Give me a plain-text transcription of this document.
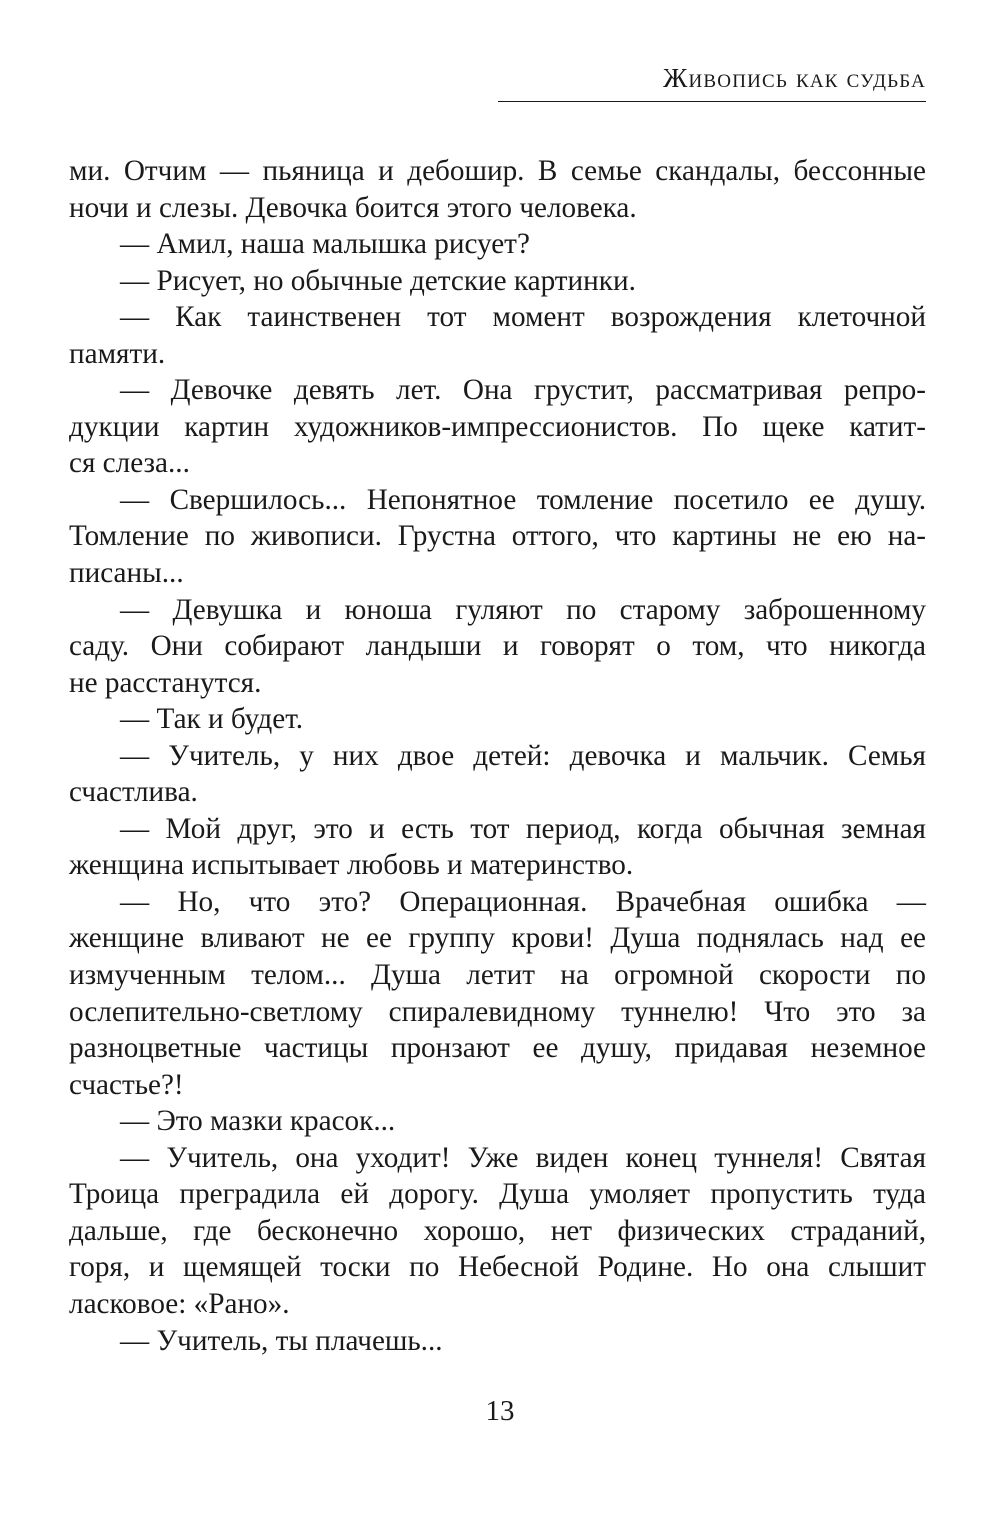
Живопись как судьба
ми. Отчим — пьяница и дебошир. В семье скандалы, бессонные
ночи и слезы. Девочка боится этого человека.
— Амил, наша малышка рисует?
— Рисует, но обычные детские картинки.
— Как таинственен тот момент возрождения клеточной
памяти.
— Девочке девять лет. Она грустит, рассматривая репро-
дукции картин художников-импрессионистов. По щеке катит-
ся слеза...
— Свершилось... Непонятное томление посетило ее душу.
Томление по живописи. Грустна оттого, что картины не ею на-
писаны...
— Девушка и юноша гуляют по старому заброшенному
саду. Они собирают ландыши и говорят о том, что никогда
не расстанутся.
— Так и будет.
— Учитель, у них двое детей: девочка и мальчик. Семья
счастлива.
— Мой друг, это и есть тот период, когда обычная земная
женщина испытывает любовь и материнство.
— Но, что это? Операционная. Врачебная ошибка —
женщине вливают не ее группу крови! Душа поднялась над ее
измученным телом... Душа летит на огромной скорости по
ослепительно-светлому спиралевидному туннелю! Что это за
разноцветные частицы пронзают ее душу, придавая неземное
счастье?!
— Это мазки красок...
— Учитель, она уходит! Уже виден конец туннеля! Святая
Троица преградила ей дорогу. Душа умоляет пропустить туда
дальше, где бесконечно хорошо, нет физических страданий,
горя, и щемящей тоски по Небесной Родине. Но она слышит
ласковое: «Рано».
— Учитель, ты плачешь...
13
